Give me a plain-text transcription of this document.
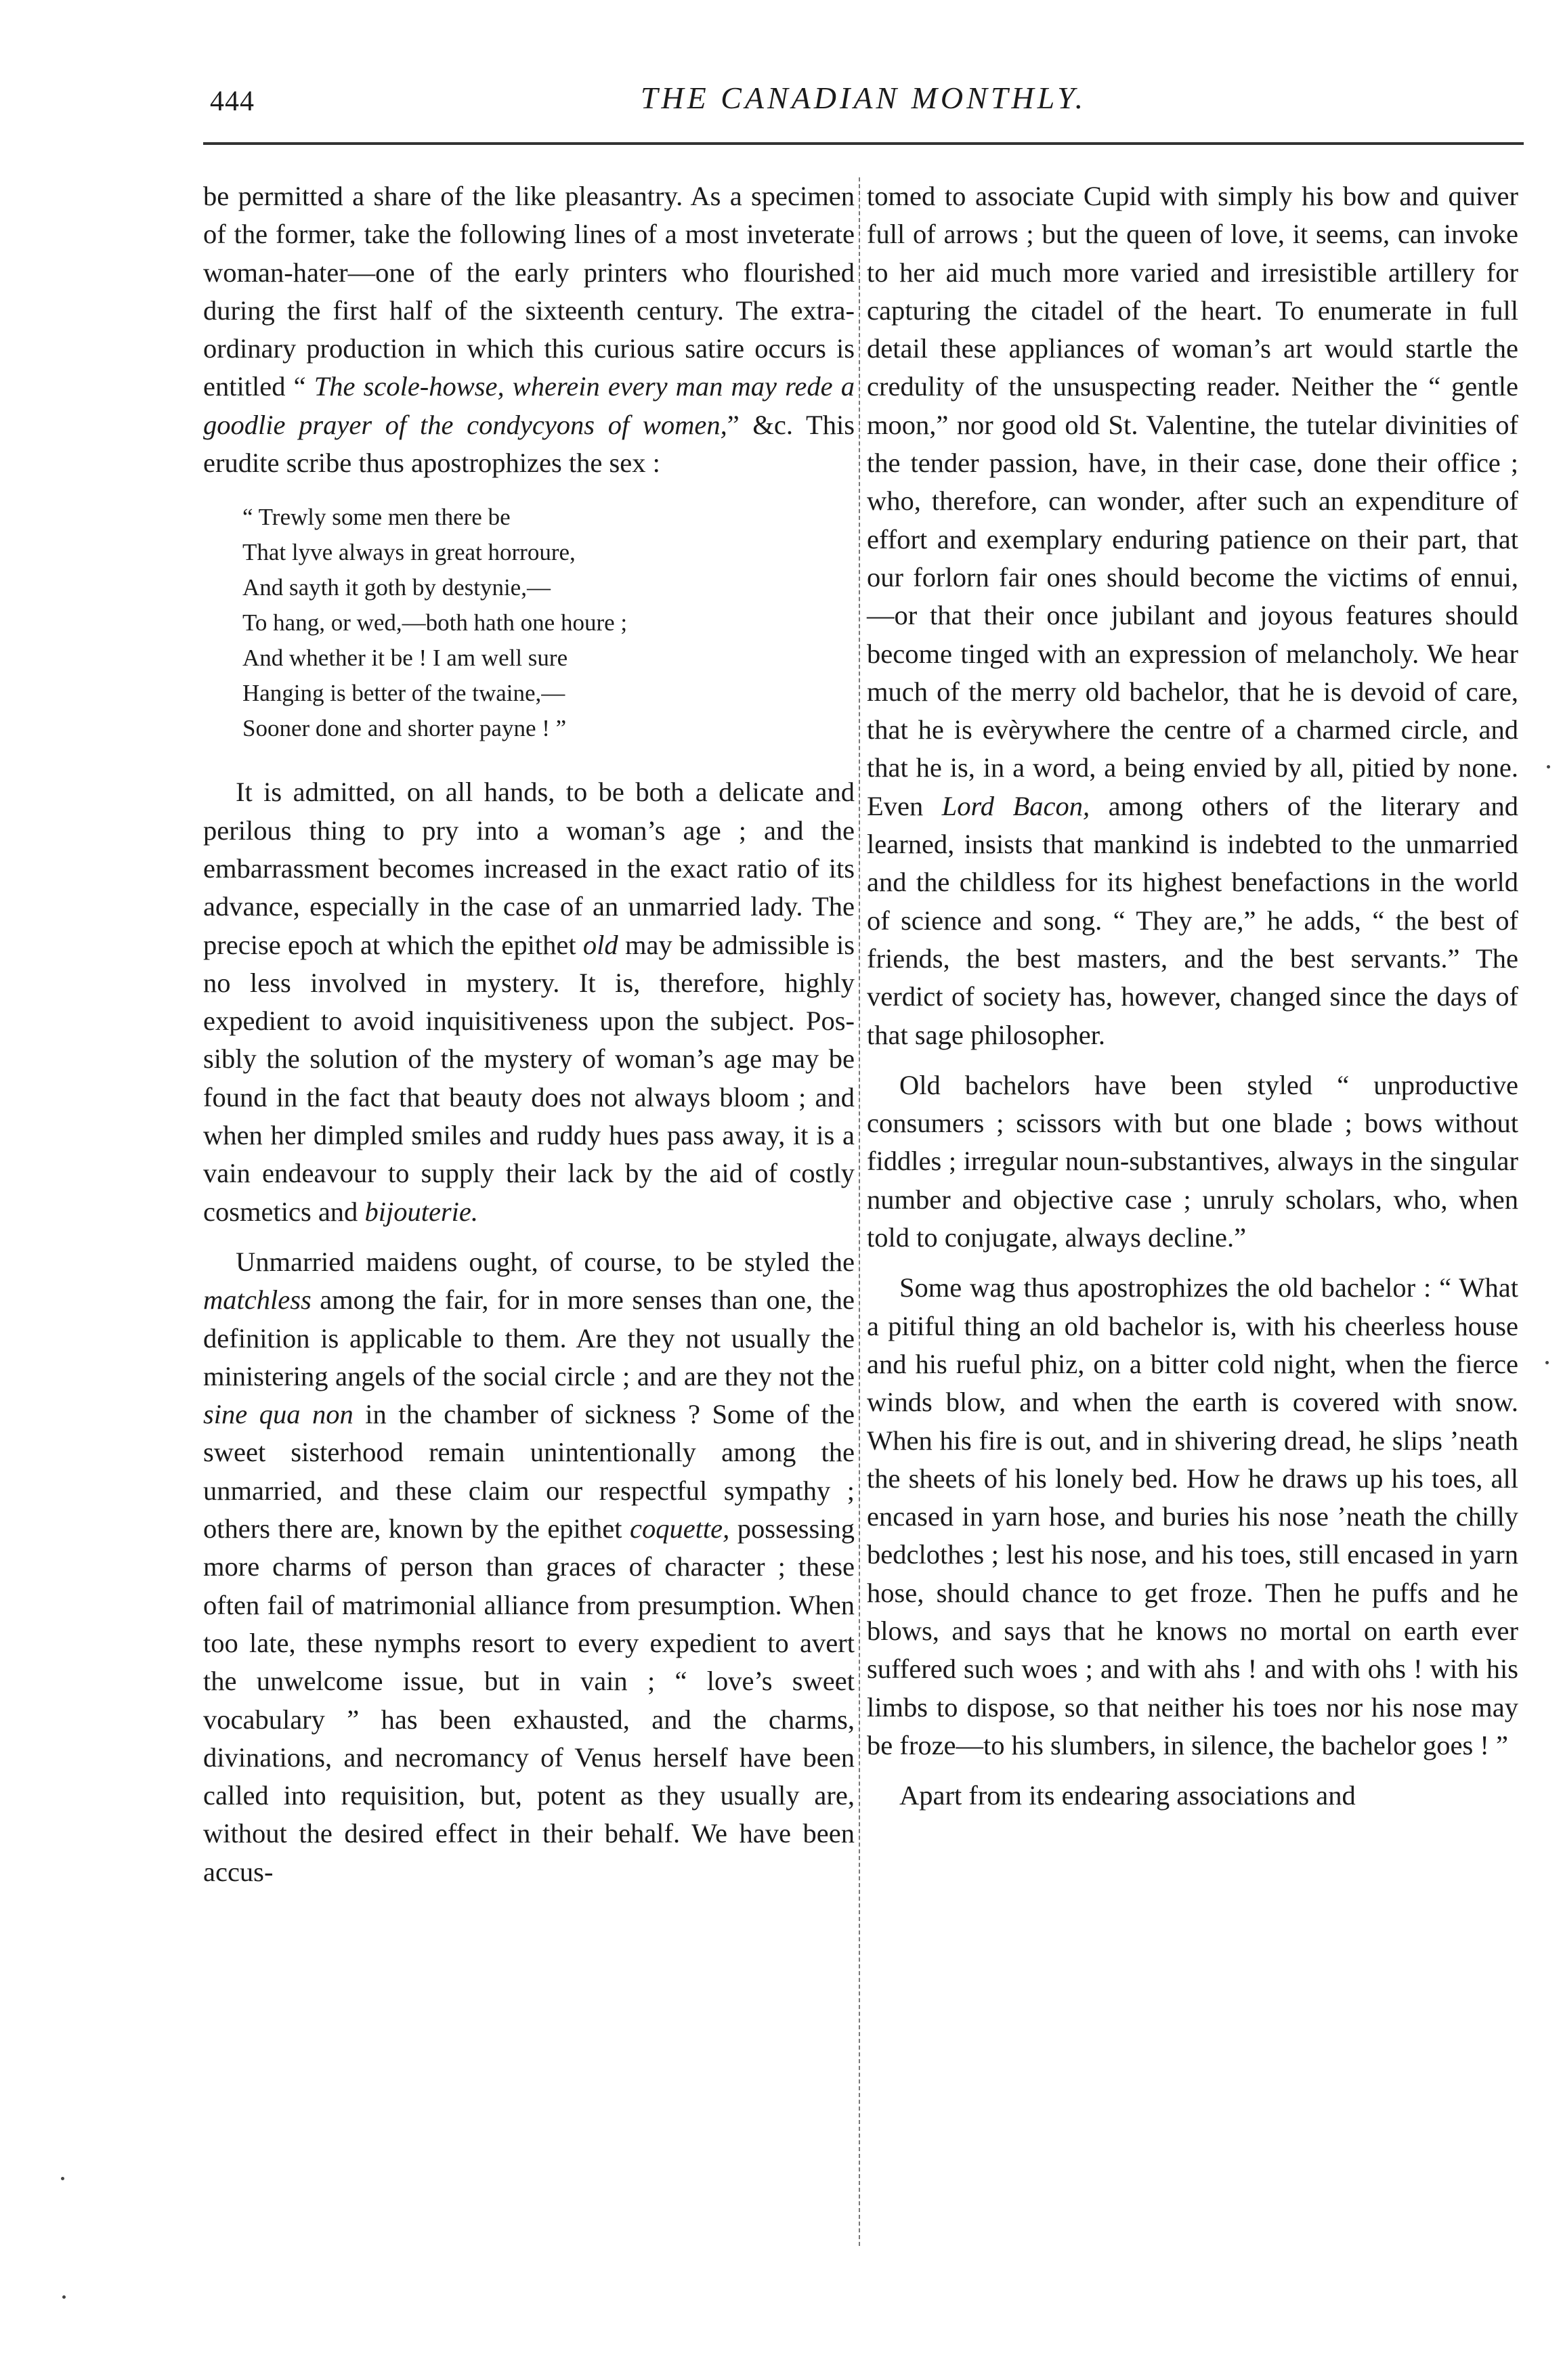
444	THE CANADIAN MONTHLY.

be permitted a share of the like pleasantry. As a specimen of the former, take the following lines of a most inveterate woman-hater—one of the early printers who flourished during the first half of the sixteenth century. The extraordinary production in which this curious satire occurs is entitled “ The scole-howse, wherein every man may rede a goodlie prayer of the condycyons of women,” &c. This erudite scribe thus apostrophizes the sex :

“ Trewly some men there be
That lyve always in great horroure,
And sayth it goth by destynie,—
To hang, or wed,—both hath one houre ;
And whether it be ! I am well sure
Hanging is better of the twaine,—
Sooner done and shorter payne ! ”

It is admitted, on all hands, to be both a delicate and perilous thing to pry into a woman’s age ; and the embarrassment becomes increased in the exact ratio of its advance, especially in the case of an unmarried lady. The precise epoch at which the epithet old may be admissible is no less involved in mystery. It is, therefore, highly expedient to avoid inquisitiveness upon the subject. Possibly the solution of the mystery of woman’s age may be found in the fact that beauty does not always bloom ; and when her dimpled smiles and ruddy hues pass away, it is a vain endeavour to supply their lack by the aid of costly cosmetics and bijouterie.

Unmarried maidens ought, of course, to be styled the matchless among the fair, for in more senses than one, the definition is applicable to them. Are they not usually the ministering angels of the social circle ; and are they not the sine qua non in the chamber of sickness ? Some of the sweet sisterhood remain unintentionally among the unmarried, and these claim our respectful sympathy ; others there are, known by the epithet coquette, possessing more charms of person than graces of character ; these often fail of matrimonial alliance from presumption. When too late, these nymphs resort to every expedient to avert the unwelcome issue, but in vain ; “ love’s sweet vocabulary ” has been exhausted, and the charms, divinations, and necromancy of Venus herself have been called into requisition, but, potent as they usually are, without the desired effect in their behalf. We have been accus-

tomed to associate Cupid with simply his bow and quiver full of arrows ; but the queen of love, it seems, can invoke to her aid much more varied and irresistible artillery for capturing the citadel of the heart. To enumerate in full detail these appliances of woman’s art would startle the credulity of the unsuspecting reader. Neither the “ gentle moon,” nor good old St. Valentine, the tutelar divinities of the tender passion, have, in their case, done their office ; who, therefore, can wonder, after such an expenditure of effort and exemplary enduring patience on their part, that our forlorn fair ones should become the victims of ennui,—or that their once jubilant and joyous features should become tinged with an expression of melancholy. We hear much of the merry old bachelor, that he is devoid of care, that he is evèrywhere the centre of a charmed circle, and that he is, in a word, a being envied by all, pitied by none. Even Lord Bacon, among others of the literary and learned, insists that mankind is indebted to the unmarried and the childless for its highest benefactions in the world of science and song. “ They are,” he adds, “ the best of friends, the best masters, and the best servants.” The verdict of society has, however, changed since the days of that sage philosopher.

Old bachelors have been styled “ unproductive consumers ; scissors with but one blade ; bows without fiddles ; irregular noun-substantives, always in the singular number and objective case ; unruly scholars, who, when told to conjugate, always decline.”

Some wag thus apostrophizes the old bachelor : “ What a pitiful thing an old bachelor is, with his cheerless house and his rueful phiz, on a bitter cold night, when the fierce winds blow, and when the earth is covered with snow. When his fire is out, and in shivering dread, he slips ’neath the sheets of his lonely bed. How he draws up his toes, all encased in yarn hose, and buries his nose ’neath the chilly bedclothes ; lest his nose, and his toes, still encased in yarn hose, should chance to get froze. Then he puffs and he blows, and says that he knows no mortal on earth ever suffered such woes ; and with ahs ! and with ohs ! with his limbs to dispose, so that neither his toes nor his nose may be froze—to his slumbers, in silence, the bachelor goes ! ”

Apart from its endearing associations and
